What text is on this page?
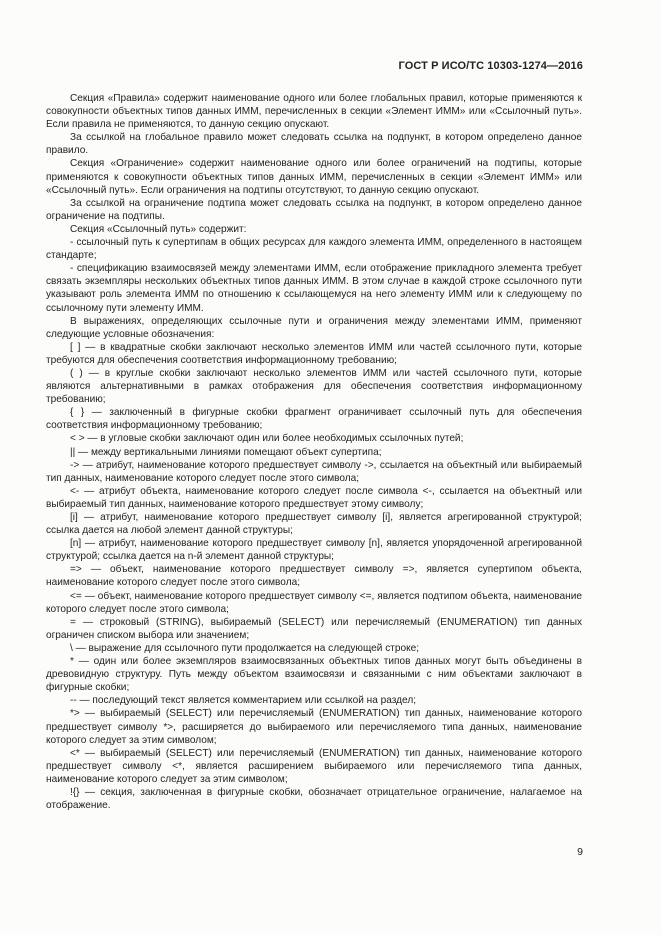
ГОСТ Р ИСО/ТС 10303-1274—2016

Секция «Правила» содержит наименование одного или более глобальных правил, которые применяются к совокупности объектных типов данных ИММ, перечисленных в секции «Элемент ИММ» или «Ссылочный путь». Если правила не применяются, то данную секцию опускают.

За ссылкой на глобальное правило может следовать ссылка на подпункт, в котором определено данное правило.

Секция «Ограничение» содержит наименование одного или более ограничений на подтипы, которые применяются к совокупности объектных типов данных ИММ, перечисленных в секции «Элемент ИММ» или «Ссылочный путь». Если ограничения на подтипы отсутствуют, то данную секцию опускают.

За ссылкой на ограничение подтипа может следовать ссылка на подпункт, в котором определено данное ограничение на подтипы.

Секция «Ссылочный путь» содержит:

- ссылочный путь к супертипам в общих ресурсах для каждого элемента ИММ, определенного в настоящем стандарте;

- спецификацию взаимосвязей между элементами ИММ, если отображение прикладного элемента требует связать экземпляры нескольких объектных типов данных ИММ. В этом случае в каждой строке ссылочного пути указывают роль элемента ИММ по отношению к ссылающемуся на него элементу ИММ или к следующему по ссылочному пути элементу ИММ.

В выражениях, определяющих ссылочные пути и ограничения между элементами ИММ, применяют следующие условные обозначения:

[ ] — в квадратные скобки заключают несколько элементов ИММ или частей ссылочного пути, которые требуются для обеспечения соответствия информационному требованию;

( ) — в круглые скобки заключают несколько элементов ИММ или частей ссылочного пути, которые являются альтернативными в рамках отображения для обеспечения соответствия информационному требованию;

{ } — заключенный в фигурные скобки фрагмент ограничивает ссылочный путь для обеспечения соответствия информационному требованию;

< > — в угловые скобки заключают один или более необходимых ссылочных путей;

|| — между вертикальными линиями помещают объект супертипа;

-> — атрибут, наименование которого предшествует символу ->, ссылается на объектный или выбираемый тип данных, наименование которого следует после этого символа;

<- — атрибут объекта, наименование которого следует после символа <-, ссылается на объектный или выбираемый тип данных, наименование которого предшествует этому символу;

[i] — атрибут, наименование которого предшествует символу [i], является агрегированной структурой; ссылка дается на любой элемент данной структуры;

[n] — атрибут, наименование которого предшествует символу [n], является упорядоченной агрегированной структурой; ссылка дается на n-й элемент данной структуры;

=> — объект, наименование которого предшествует символу =>, является супертипом объекта, наименование которого следует после этого символа;

<= — объект, наименование которого предшествует символу <=, является подтипом объекта, наименование которого следует после этого символа;

= — строковый (STRING), выбираемый (SELECT) или перечисляемый (ENUMERATION) тип данных ограничен списком выбора или значением;

\ — выражение для ссылочного пути продолжается на следующей строке;

* — один или более экземпляров взаимосвязанных объектных типов данных могут быть объединены в древовидную структуру. Путь между объектом взаимосвязи и связанными с ним объектами заключают в фигурные скобки;

-- — последующий текст является комментарием или ссылкой на раздел;

*> — выбираемый (SELECT) или перечисляемый (ENUMERATION) тип данных, наименование которого предшествует символу *>, расширяется до выбираемого или перечисляемого типа данных, наименование которого следует за этим символом;

<* — выбираемый (SELECT) или перечисляемый (ENUMERATION) тип данных, наименование которого предшествует символу <*, является расширением выбираемого или перечисляемого типа данных, наименование которого следует за этим символом;

!{} — секция, заключенная в фигурные скобки, обозначает отрицательное ограничение, налагаемое на отображение.

9
